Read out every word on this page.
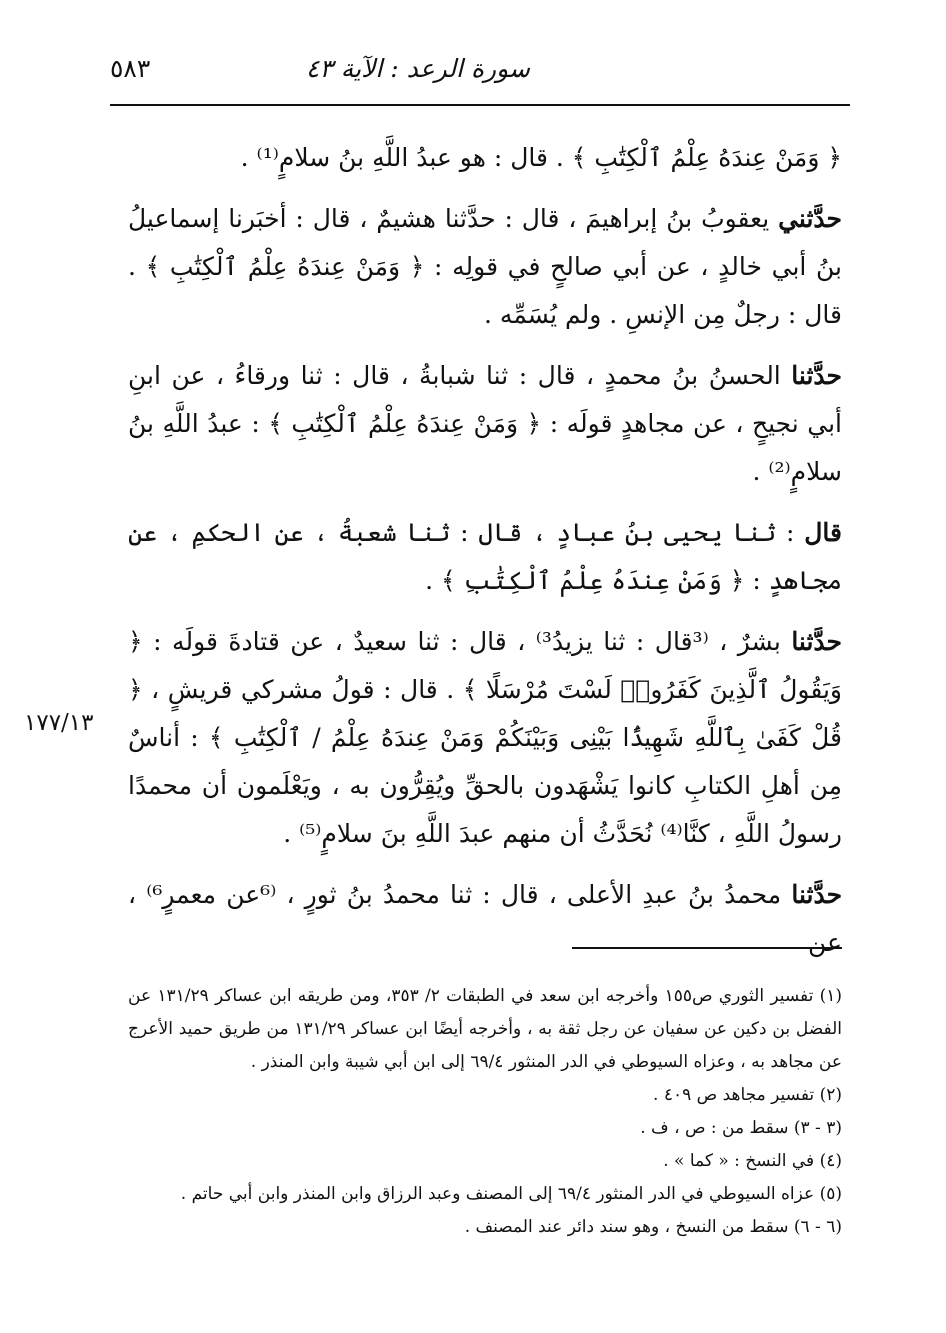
سورة الرعد : الآية ٤٣
٥٨٣

﴿ وَمَنْ عِندَهُ عِلْمُ ٱلْكِتَٰبِ ﴾ . قال : هو عبدُ اللَّهِ بنُ سلامٍ⁽¹⁾ .

حدَّثني يعقوبُ بنُ إبراهيمَ ، قال : حدَّثنا هشيمٌ ، قال : أخبَرنا إسماعيلُ بنُ أبي خالدٍ ، عن أبي صالحٍ في قولِه : ﴿ وَمَنْ عِندَهُ عِلْمُ ٱلْكِتَٰبِ ﴾ . قال : رجلٌ مِن الإنسِ . ولم يُسَمِّه .

حدَّثنا الحسنُ بنُ محمدٍ ، قال : ثنا شبابةُ ، قال : ثنا ورقاءُ ، عن ابنِ أبي نجيحٍ ، عن مجاهدٍ قولَه : ﴿ وَمَنْ عِندَهُ عِلْمُ ٱلْكِتَٰبِ ﴾ : عبدُ اللَّهِ بنُ سلامٍ⁽²⁾ .

قال : ثنا يحيى بنُ عبادٍ ، قال : ثنا شعبةُ ، عن الحكمِ ، عن مجاهدٍ : ﴿ وَمَنْ عِندَهُ عِلْمُ ٱلْكِتَٰبِ ﴾ .

حدَّثنا بشرٌ ، ⁽³قال : ثنا يزيدُ³⁾ ، قال : ثنا سعيدٌ ، عن قتادةَ قولَه : ﴿ وَيَقُولُ ٱلَّذِينَ كَفَرُوا۟ لَسْتَ مُرْسَلًا ﴾ . قال : قولُ مشركي قريشٍ ، ﴿ قُلْ كَفَىٰ بِٱللَّهِ شَهِيدًۢا بَيْنِى وَبَيْنَكُمْ وَمَنْ عِندَهُ عِلْمُ / ٱلْكِتَٰبِ ﴾ : أناسٌ مِن أهلِ الكتابِ كانوا يَشْهَدون بالحقِّ ويُقِرُّون به ، ويَعْلَمون أن محمدًا رسولُ اللَّهِ ، كنَّا⁽⁴⁾ نُحَدَّثُ أن منهم عبدَ اللَّهِ بنَ سلامٍ⁽⁵⁾ .

حدَّثنا محمدُ بنُ عبدِ الأعلى ، قال : ثنا محمدُ بنُ ثورٍ ، ⁽⁶عن معمرٍ⁶⁾ ، عن

١٧٧/١٣

(١) تفسير الثوري ص١٥٥ وأخرجه ابن سعد في الطبقات ٢/ ٣٥٣، ومن طريقه ابن عساكر ١٣١/٢٩ عن الفضل بن دكين عن سفيان عن رجل ثقة به ، وأخرجه أيضًا ابن عساكر ١٣١/٢٩ من طريق حميد الأعرج عن مجاهد به ، وعزاه السيوطي في الدر المنثور ٦٩/٤ إلى ابن أبي شيبة وابن المنذر .

(٢) تفسير مجاهد ص ٤٠٩ .

(٣ - ٣) سقط من : ص ، ف .

(٤) في النسخ : « كما » .

(٥) عزاه السيوطي في الدر المنثور ٦٩/٤ إلى المصنف وعبد الرزاق وابن المنذر وابن أبي حاتم .

(٦ - ٦) سقط من النسخ ، وهو سند دائر عند المصنف .
